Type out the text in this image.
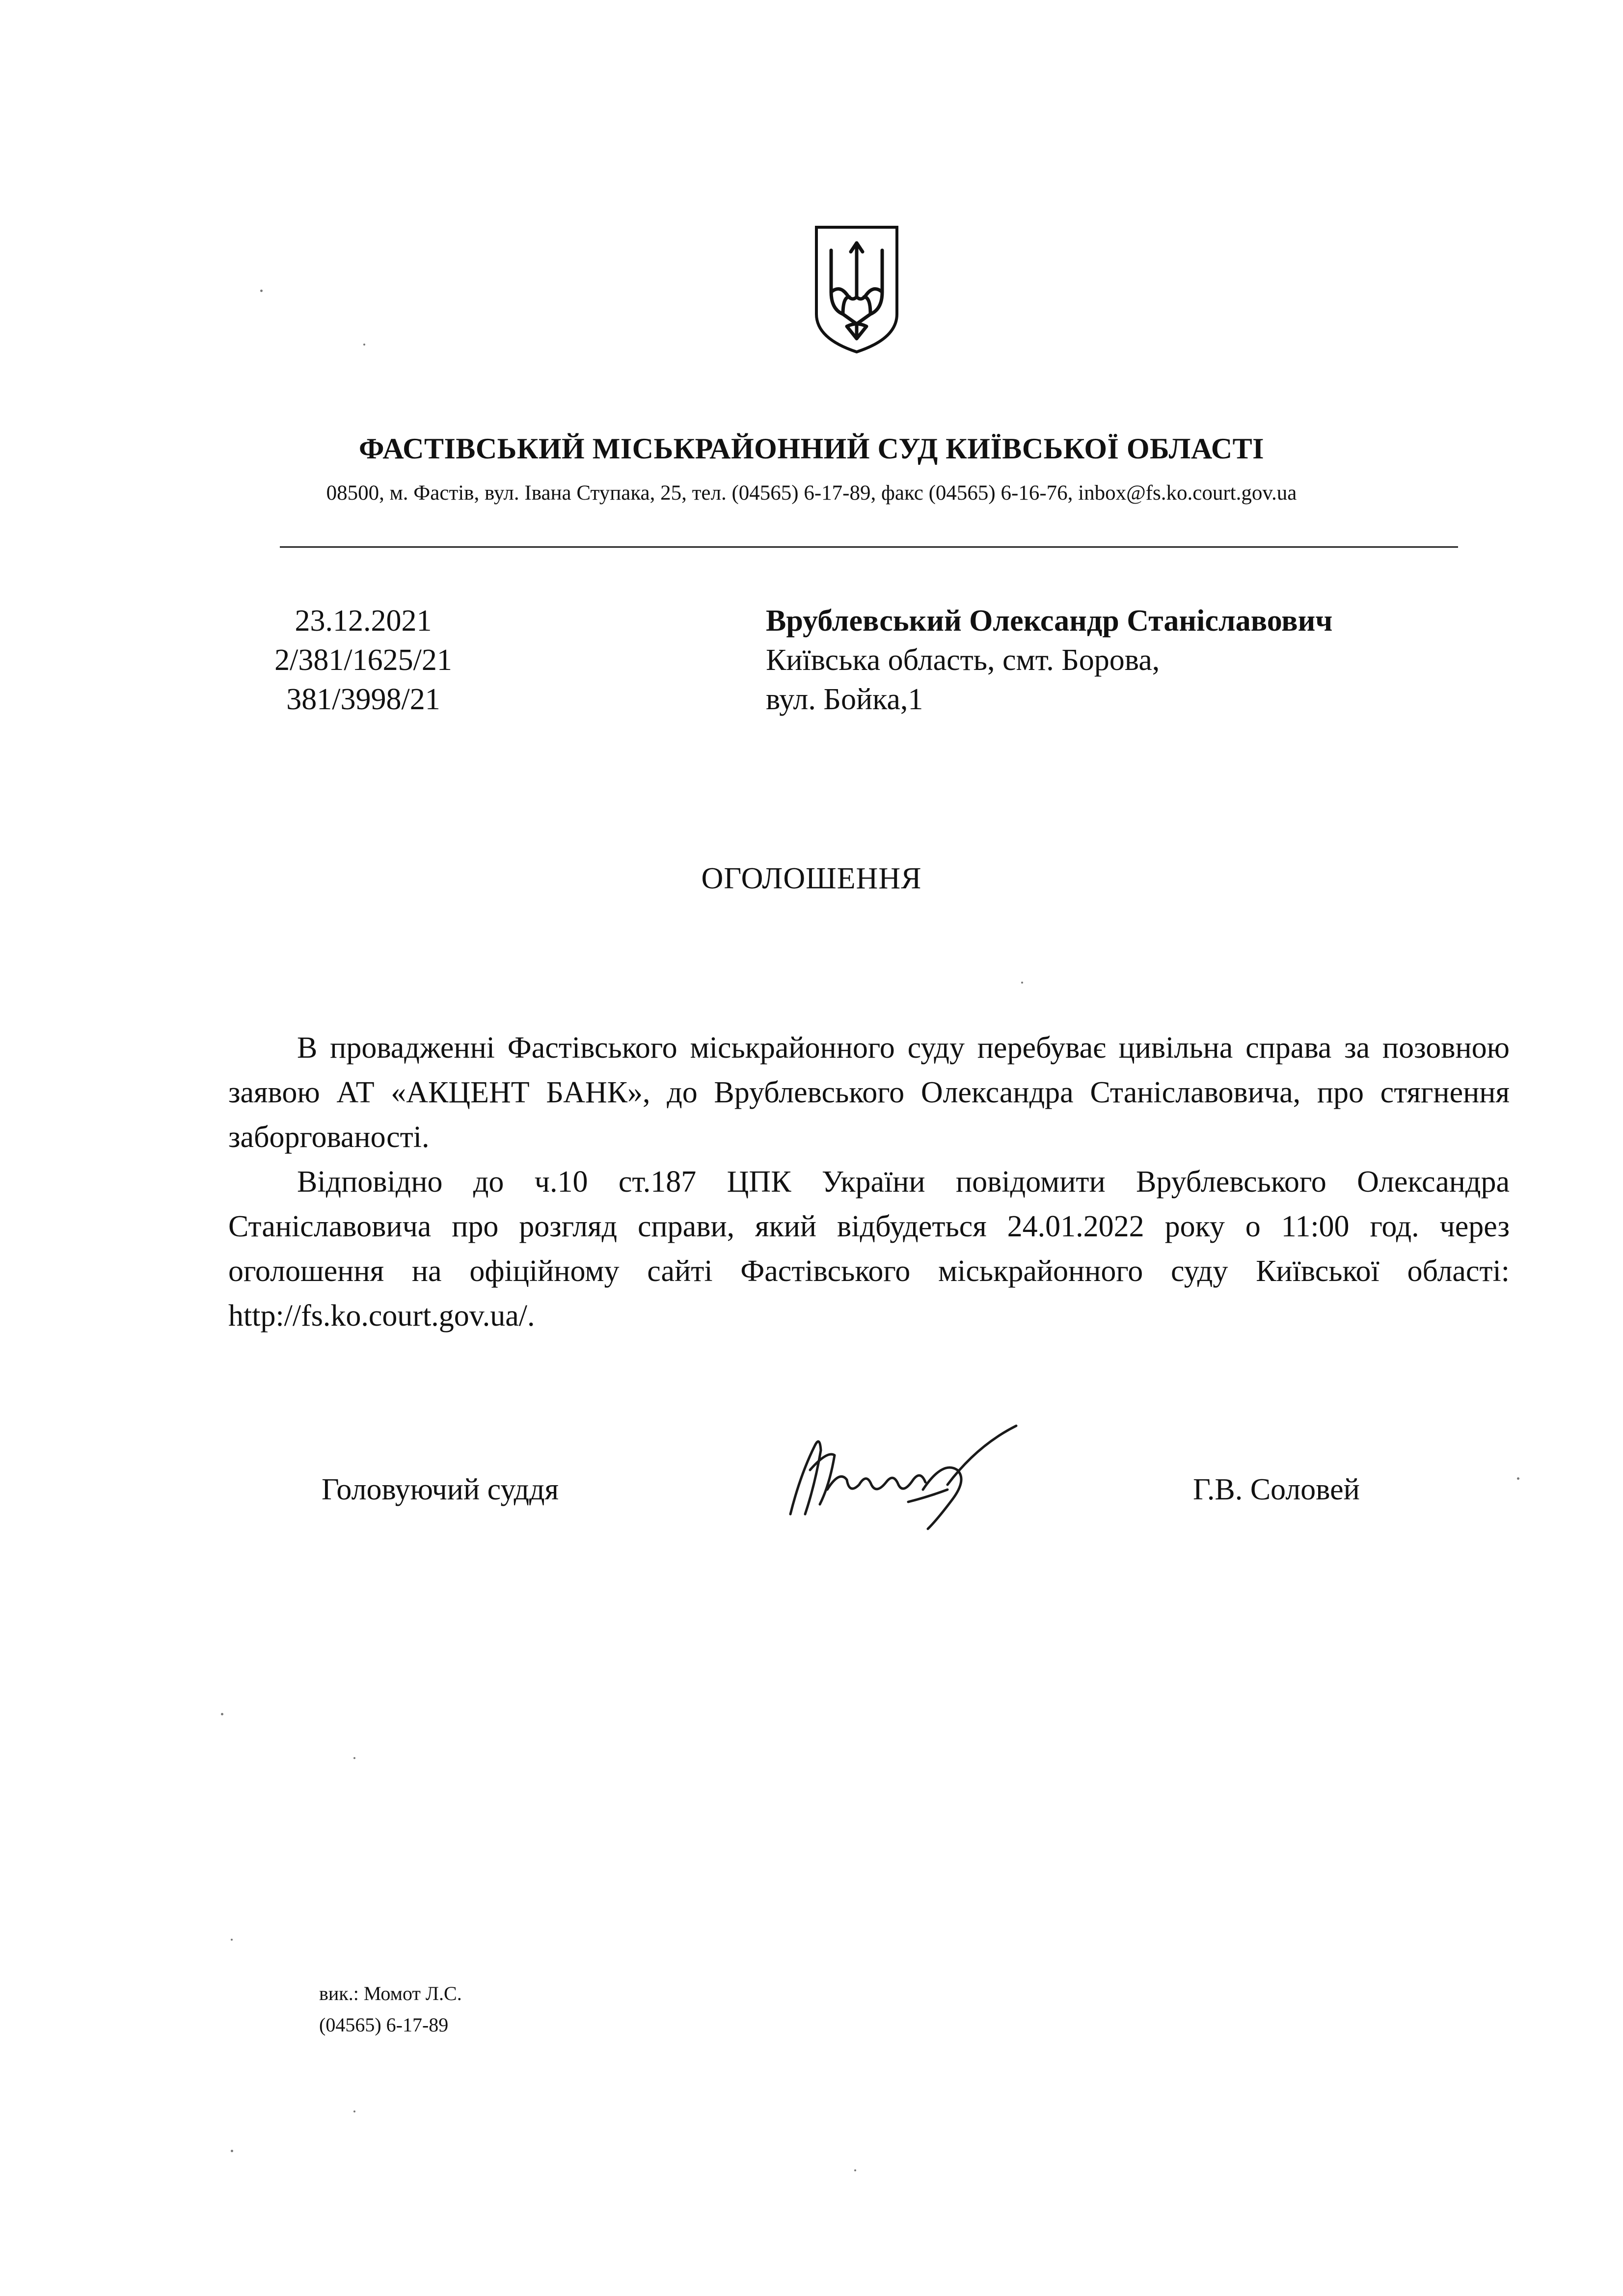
ФАСТІВСЬКИЙ МІСЬКРАЙОННИЙ СУД КИЇВСЬКОЇ ОБЛАСТІ
08500, м. Фастів, вул. Івана Ступака, 25, тел. (04565) 6-17-89, факс (04565) 6-16-76, inbox@fs.ko.court.gov.ua
23.12.2021
2/381/1625/21
381/3998/21
Врублевський Олександр Станіславович
Київська область, смт. Борова,
вул. Бойка,1
ОГОЛОШЕННЯ

В провадженні Фастівського міськрайонного суду перебуває цивільна справа за позовною заявою АТ «АКЦЕНТ БАНК», до Врублевського Олександра Станіславовича, про стягнення заборгованості.

Відповідно до ч.10 ст.187 ЦПК України повідомити Врублевського Олександра Станіславовича про розгляд справи, який відбудеться 24.01.2022 року о 11:00 год. через оголошення на офіційному сайті Фастівського міськрайонного суду Київської області: http://fs.ko.court.gov.ua/.

Головуючий суддя	Г.В. Соловей
вик.: Момот Л.С.
(04565) 6-17-89
